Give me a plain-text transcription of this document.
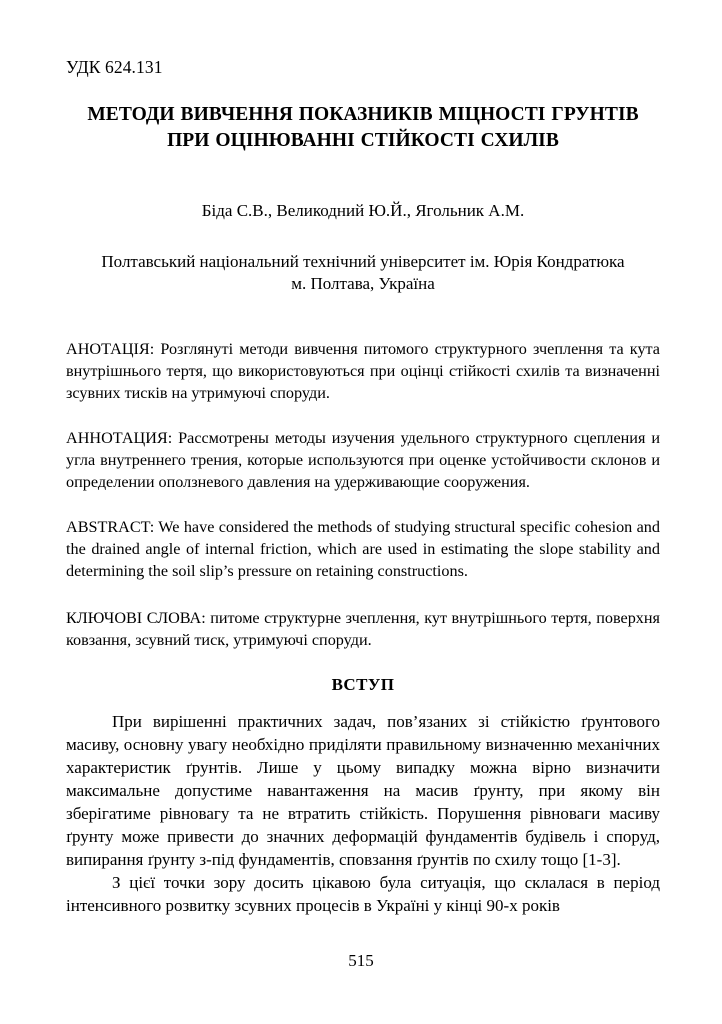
УДК 624.131
МЕТОДИ ВИВЧЕННЯ ПОКАЗНИКІВ МІЦНОСТІ ГРУНТІВ
ПРИ ОЦІНЮВАННІ СТІЙКОСТІ СХИЛІВ
Біда С.В., Великодний Ю.Й., Ягольник А.М.
Полтавський національний технічний університет ім. Юрія Кондратюка
м. Полтава, Україна
АНОТАЦІЯ: Розглянуті методи вивчення питомого структурного зчеплення та кута внутрішнього тертя, що використовуються при оцінці стійкості схилів та визначенні зсувних тисків на утримуючі споруди.
АННОТАЦИЯ: Рассмотрены методы изучения удельного структурного сцепления и угла внутреннего трения, которые используются при оценке устойчивости склонов и определении оползневого давления на удерживающие сооружения.
ABSTRACT: We have considered the methods of studying structural specific cohesion and the drained angle of internal friction, which are used in estimating the slope stability and determining the soil slip’s pressure on retaining constructions.
КЛЮЧОВІ СЛОВА: питоме структурне зчеплення, кут внутрішнього тертя, поверхня ковзання, зсувний тиск, утримуючі споруди.
ВСТУП
При вирішенні практичних задач, пов’язаних зі стійкістю ґрунтового масиву, основну увагу необхідно приділяти правильному визначенню механічних характеристик ґрунтів. Лише у цьому випадку можна вірно визначити максимальне допустиме навантаження на масив ґрунту, при якому він зберігатиме рівновагу та не втратить стійкість. Порушення рівноваги масиву ґрунту може привести до значних деформацій фундаментів будівель і споруд, випирання ґрунту з-під фундаментів, сповзання ґрунтів по схилу тощо [1-3].
З цієї точки зору досить цікавою була ситуація, що склалася в період інтенсивного розвитку зсувних процесів в Україні у кінці 90-х років
515
